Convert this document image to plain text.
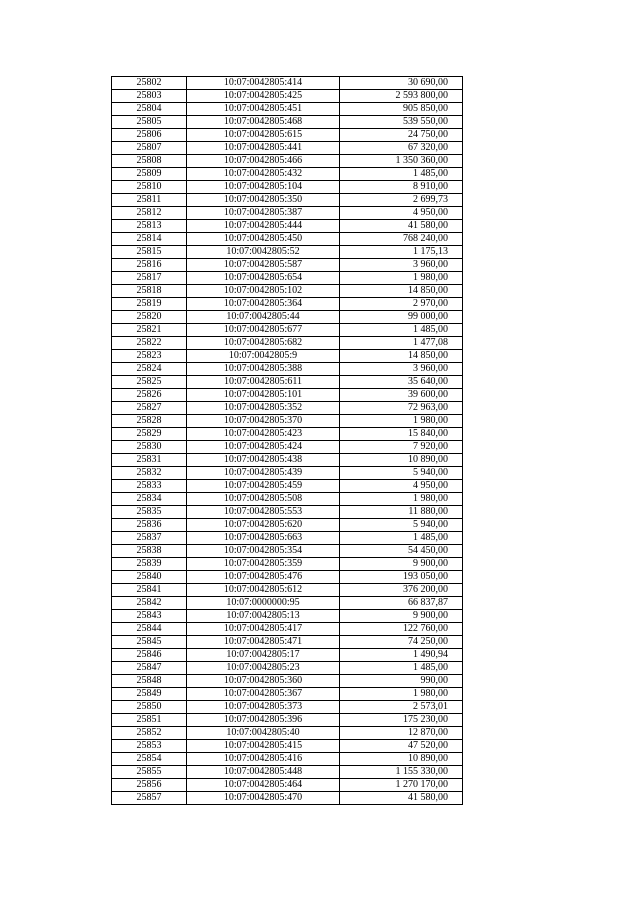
25802	10:07:0042805:414	30 690,00
25803	10:07:0042805:425	2 593 800,00
25804	10:07:0042805:451	905 850,00
25805	10:07:0042805:468	539 550,00
25806	10:07:0042805:615	24 750,00
25807	10:07:0042805:441	67 320,00
25808	10:07:0042805:466	1 350 360,00
25809	10:07:0042805:432	1 485,00
25810	10:07:0042805:104	8 910,00
25811	10:07:0042805:350	2 699,73
25812	10:07:0042805:387	4 950,00
25813	10:07:0042805:444	41 580,00
25814	10:07:0042805:450	768 240,00
25815	10:07:0042805:52	1 175,13
25816	10:07:0042805:587	3 960,00
25817	10:07:0042805:654	1 980,00
25818	10:07:0042805:102	14 850,00
25819	10:07:0042805:364	2 970,00
25820	10:07:0042805:44	99 000,00
25821	10:07:0042805:677	1 485,00
25822	10:07:0042805:682	1 477,08
25823	10:07:0042805:9	14 850,00
25824	10:07:0042805:388	3 960,00
25825	10:07:0042805:611	35 640,00
25826	10:07:0042805:101	39 600,00
25827	10:07:0042805:352	72 963,00
25828	10:07:0042805:370	1 980,00
25829	10:07:0042805:423	15 840,00
25830	10:07:0042805:424	7 920,00
25831	10:07:0042805:438	10 890,00
25832	10:07:0042805:439	5 940,00
25833	10:07:0042805:459	4 950,00
25834	10:07:0042805:508	1 980,00
25835	10:07:0042805:553	11 880,00
25836	10:07:0042805:620	5 940,00
25837	10:07:0042805:663	1 485,00
25838	10:07:0042805:354	54 450,00
25839	10:07:0042805:359	9 900,00
25840	10:07:0042805:476	193 050,00
25841	10:07:0042805:612	376 200,00
25842	10:07:0000000:95	66 837,87
25843	10:07:0042805:13	9 900,00
25844	10:07:0042805:417	122 760,00
25845	10:07:0042805:471	74 250,00
25846	10:07:0042805:17	1 490,94
25847	10:07:0042805:23	1 485,00
25848	10:07:0042805:360	990,00
25849	10:07:0042805:367	1 980,00
25850	10:07:0042805:373	2 573,01
25851	10:07:0042805:396	175 230,00
25852	10:07:0042805:40	12 870,00
25853	10:07:0042805:415	47 520,00
25854	10:07:0042805:416	10 890,00
25855	10:07:0042805:448	1 155 330,00
25856	10:07:0042805:464	1 270 170,00
25857	10:07:0042805:470	41 580,00
